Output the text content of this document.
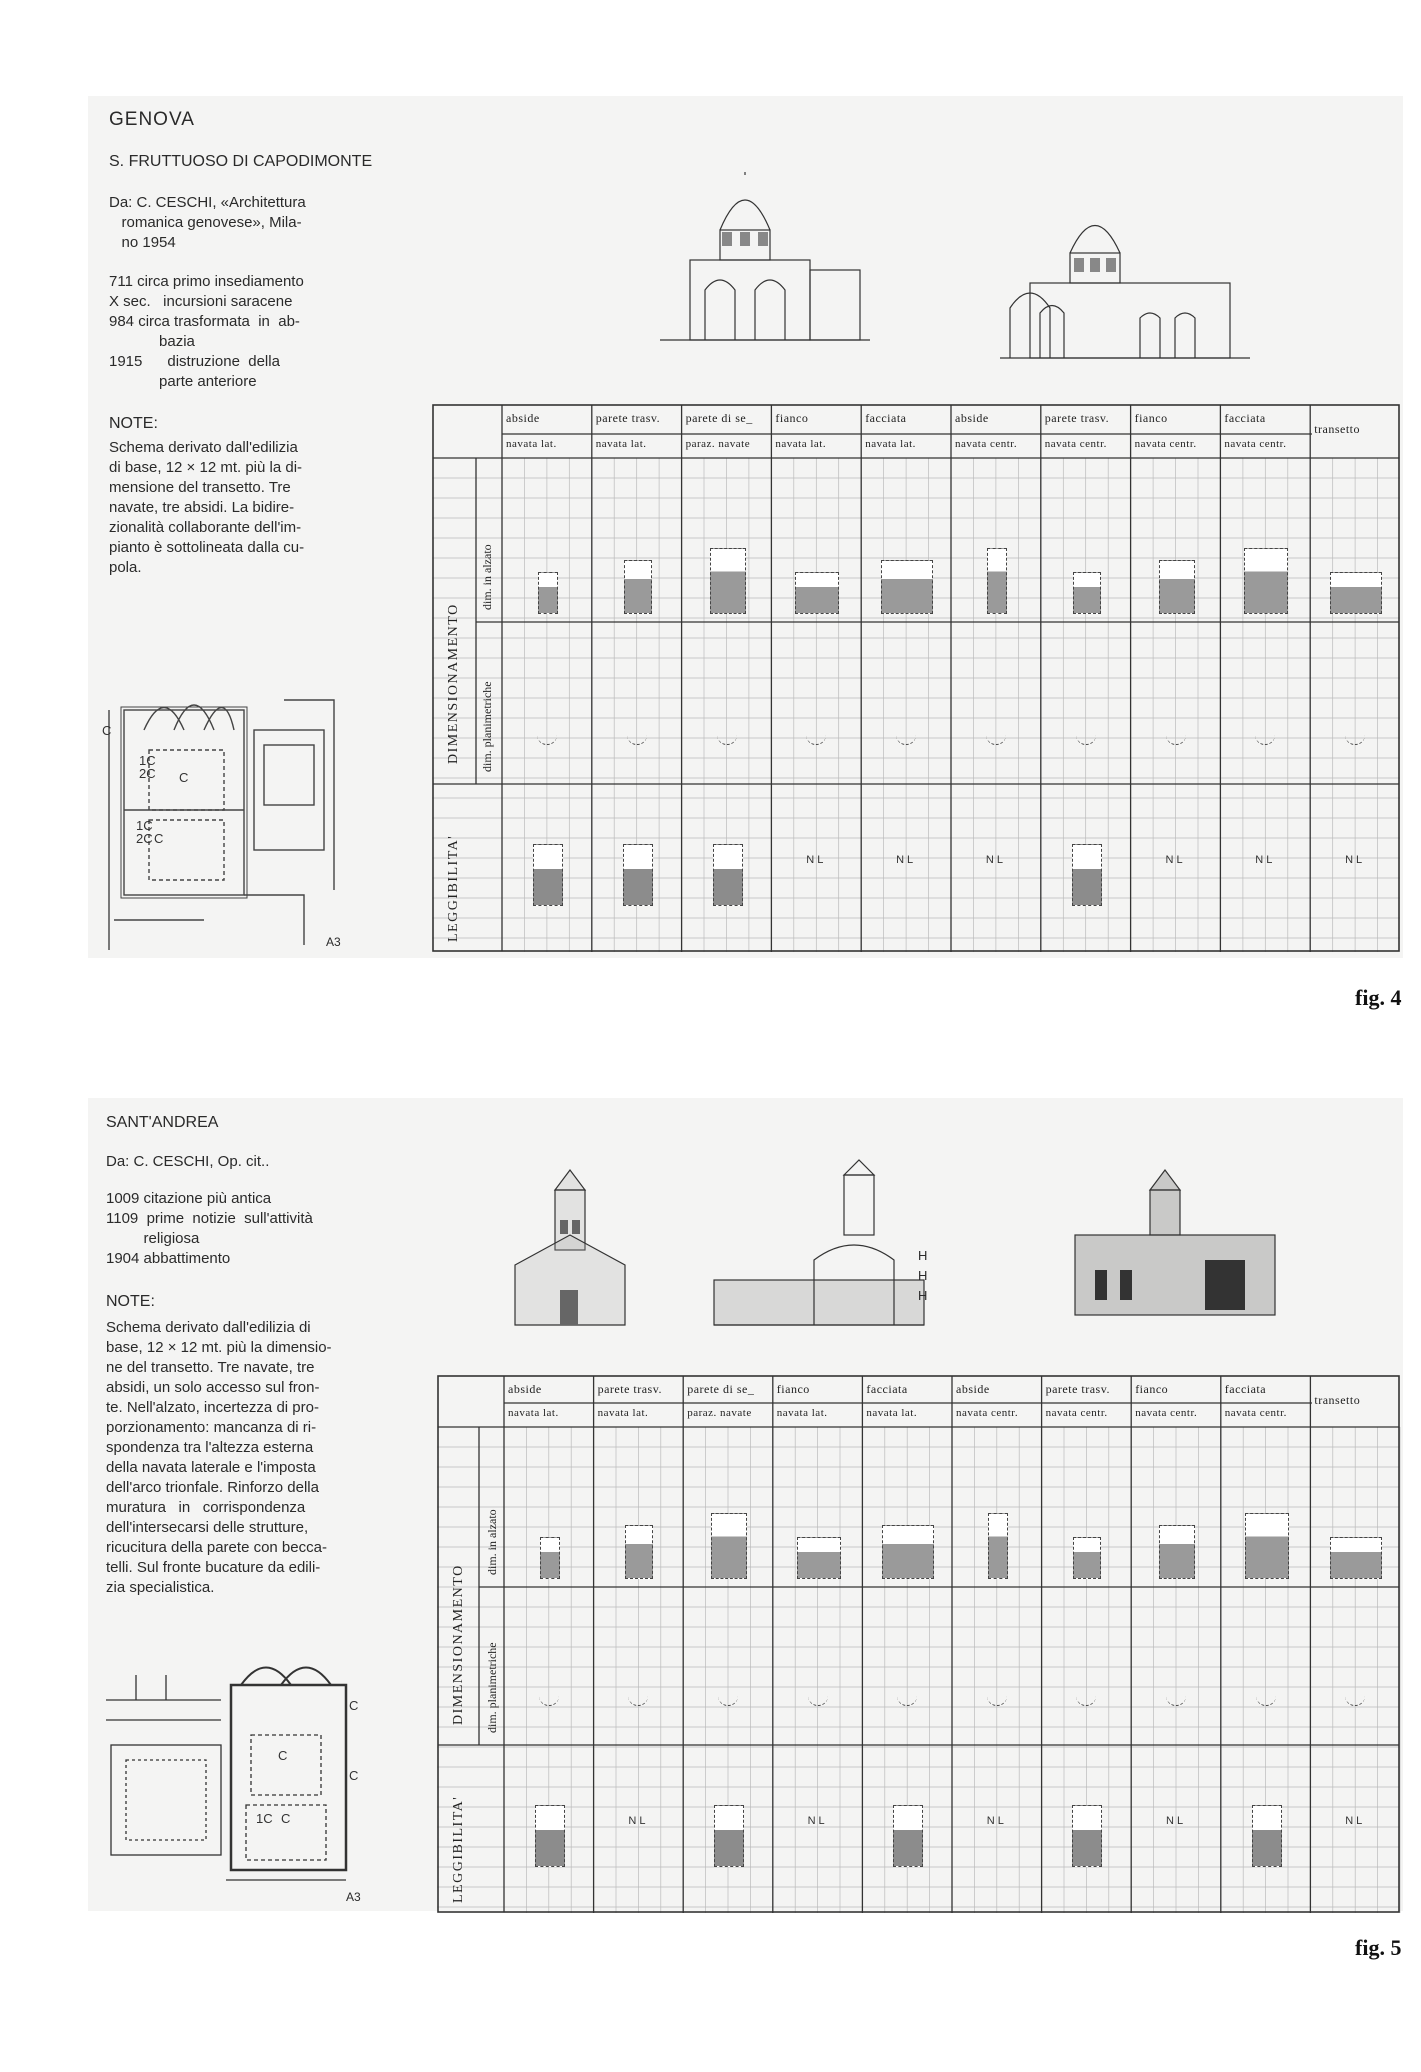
GENOVA
S. FRUTTUOSO DI CAPODIMONTE
Da: C. CESCHI, «Architettura
romanica genovese», Mila-
no 1954
711 circa primo insediamento
X sec.   incursioni saracene
984 circa trasformata  in  ab-
bazia
1915      distruzione  della
parte anteriore
NOTE:
Schema derivato dall'edilizia
di base, 12 × 12 mt. più la di-
mensione del transetto. Tre
navate, tre absidi. La bidire-
zionalità collaborante dell'im-
pianto è sottolineata dalla cu-
pola.
C
1C
2C C
1C
2C C
A3
abside
navata lat.
parete trasv.
navata lat.
parete di se_
paraz. navate
fianco
navata lat.
NL
facciata
navata lat.
NL
abside
navata centr.
NL
parete trasv.
navata centr.
fianco
navata centr.
NL
facciata
navata centr.
NL
transetto
NL
DIMENSIONAMENTO
dim. in alzato
dim. planimetriche
LEGGIBILITA'
SANT'ANDREA
Da: C. CESCHI, Op. cit..
1009 citazione più antica
1109  prime  notizie  sull'attività
religiosa
1904 abbattimento
NOTE:
Schema derivato dall'edilizia di
base, 12 × 12 mt. più la dimensio-
ne del transetto. Tre navate, tre
absidi, un solo accesso sul fron-
te. Nell'alzato, incertezza di pro-
porzionamento: mancanza di ri-
spondenza tra l'altezza esterna
della navata laterale e l'imposta
dell'arco trionfale. Rinforzo della
muratura   in   corrispondenza
dell'intersecarsi delle strutture,
ricucitura della parete con becca-
telli. Sul fronte bucature da edili-
zia specialistica.
C
C
1C C
C
A3
H
H
H
abside
navata lat.
parete trasv.
navata lat.
NL
parete di se_
paraz. navate
fianco
navata lat.
NL
facciata
navata lat.
abside
navata centr.
NL
parete trasv.
navata centr.
fianco
navata centr.
NL
facciata
navata centr.
transetto
NL
DIMENSIONAMENTO
dim. in alzato
dim. planimetriche
LEGGIBILITA'
fig. 4
fig. 5
